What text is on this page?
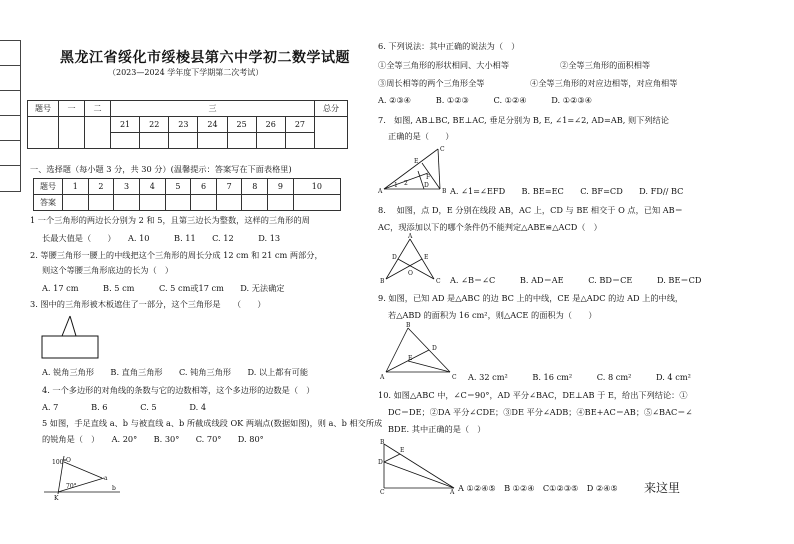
黑龙江省绥化市绥棱县第六中学初二数学试题
（2023—2024 学年度下学期第二次考试）
题号	一	二	三							总分
			21	22	23	24	25	26	27	

一、选择题（每小题 3 分，共 30 分）(温馨提示：答案写在下面表格里)
题号	1	2	3	4	5	6	7	8	9	10
答案										
1 一个三角形的两边长分别为 2 和 5，且第三边长为整数，这样的三角形的周
长最大值是（　　）　　A. 10　　　B. 11　　C. 12　　　D. 13
2. 等腰三角形一腰上的中线把这个三角形的周长分成 12 cm 和 21 cm 两部分，
则这个等腰三角形底边的长为（　）
A. 17 cm　　　B. 5 cm　　　C. 5 cm或17 cm　　D. 无法确定
3. 图中的三角形被木板遮住了一部分，这个三角形是　　（　　）
A. 锐角三角形　　B. 直角三角形　　C. 钝角三角形　　D. 以上都有可能
4. 一个多边形的对角线的条数与它的边数相等，这个多边形的边数是（　）
A. 7　　　　B. 6　　　　C. 5　　　　D. 4
5 如图，手足直线 a、b 与被直线 a、b 所截成线段 OK 两端点(数据如图)，则 a、b 相交所成
的锐角是（　）　　A. 20°　　B. 30°　　C. 70°　　D. 80°
100°
70°
O
K
a
b
6. 下列说法：其中正确的说法为（　）
①全等三角形的形状相同、大小相等	②全等三角形的面积相等
③周长相等的两个三角形全等	④全等三角形的对应边相等，对应角相等
A. ②③④　　　B. ①②③　　　C. ①②④　　　D. ①②③④
7.　如图, AB⊥BC, BE⊥AC, 垂足分别为 B, E, ∠1=∠2, AD=AB, 则下列结论
正确的是（　　）
A	B
C
D
E
F
1 2
A. ∠1=∠EFD　　B. BE=EC　　C. BF=CD　　D. FD// BC
8.　 如图，点 D，E 分别在线段 AB，AC 上，CD 与 BE 相交于 O 点，已知 AB＝
AC，现添加以下的哪个条件仍不能判定△ABE≌△ACD（　）
A
B	C
D	E
O
A. ∠B＝∠C　　　B. AD＝AE　　　C. BD＝CE　　　D. BE＝CD
9. 如图，已知 AD 是△ABC 的边 BC 上的中线，CE 是△ADC 的边 AD 上的中线，
若△ABD 的面积为 16 cm²，则△ACE 的面积为（　　）
A
B
C
D
E
A. 32 cm²　　　B. 16 cm²　　　C. 8 cm²　　　D. 4 cm²
10. 如图△ABC 中，∠C＝90°，AD 平分∠BAC，DE⊥AB 于 E，给出下列结论：①
DC＝DE；②DA 平分∠CDE；③DE 平分∠ADB；④BE+AC＝AB；⑤∠BAC＝∠
BDE. 其中正确的是（　）
B
C
D
E
A A ①②④⑤　B ①②④　C①②③⑤　D ②④⑤ 来这里
